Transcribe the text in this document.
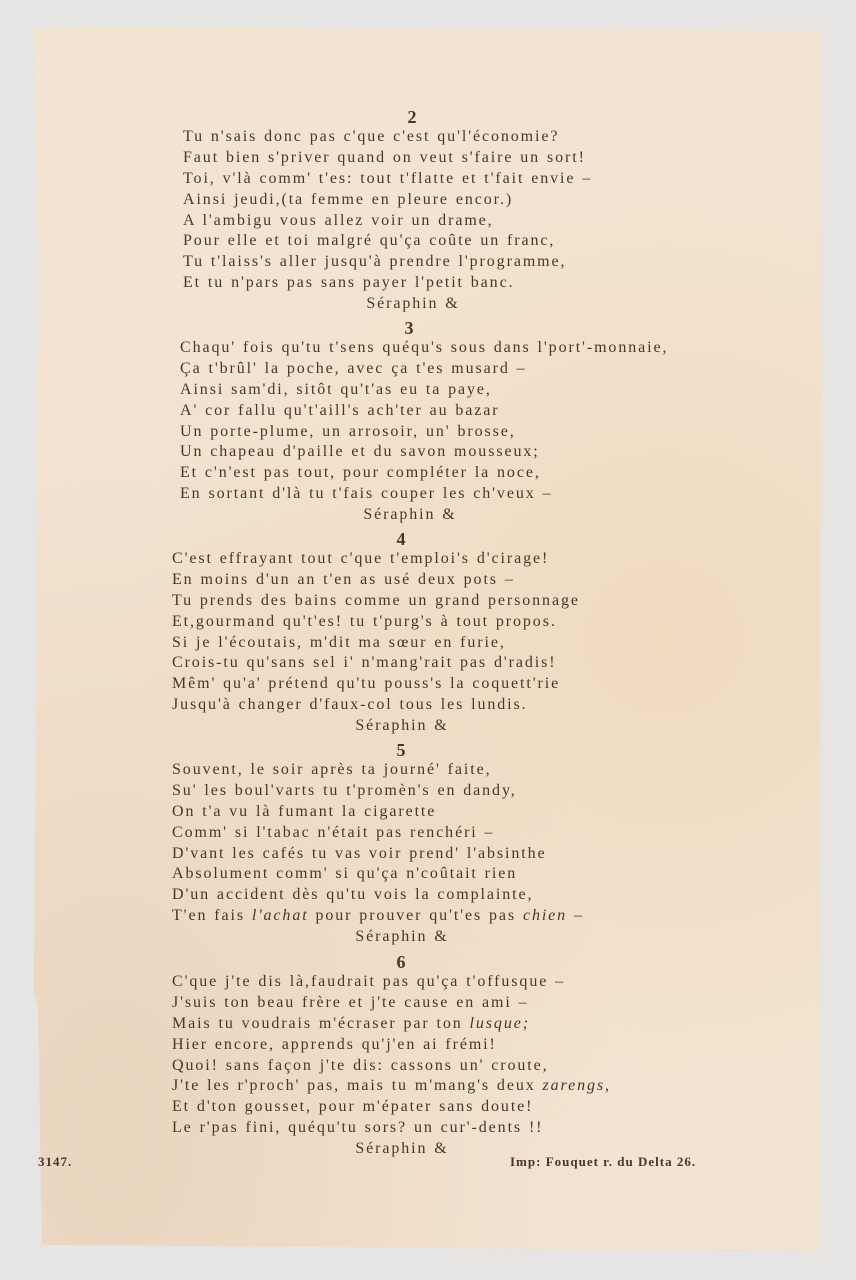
2
Tu n'sais donc pas c'que c'est qu'l'économie?
Faut bien s'priver quand on veut s'faire un sort!
Toi, v'là comm' t'es: tout t'flatte et t'fait envie –
Ainsi jeudi,(ta femme en pleure encor.)
A l'ambigu vous allez voir un drame,
Pour elle et toi malgré qu'ça coûte un franc,
Tu t'laiss's aller jusqu'à prendre l'programme,
Et tu n'pars pas sans payer l'petit banc.
Séraphin &
3
Chaqu' fois qu'tu t'sens quéqu's sous dans l'port'-monnaie,
Ça t'brûl' la poche, avec ça t'es musard –
Ainsi sam'di, sitôt qu't'as eu ta paye,
A' cor fallu qu't'aill's ach'ter au bazar
Un porte-plume, un arrosoir, un' brosse,
Un chapeau d'paille et du savon mousseux;
Et c'n'est pas tout, pour compléter la noce,
En sortant d'là tu t'fais couper les ch'veux –
Séraphin &
4
C'est effrayant tout c'que t'emploi's d'cirage!
En moins d'un an t'en as usé deux pots –
Tu prends des bains comme un grand personnage
Et,gourmand qu't'es! tu t'purg's à tout propos.
Si je l'écoutais, m'dit ma sœur en furie,
Crois-tu qu'sans sel i' n'mang'rait pas d'radis!
Mêm' qu'a' prétend qu'tu pouss's la coquett'rie
Jusqu'à changer d'faux-col tous les lundis.
Séraphin &
5
Souvent, le soir après ta journé' faite,
Su' les boul'varts tu t'promèn's en dandy,
On t'a vu là fumant la cigarette
Comm' si l'tabac n'était pas renchéri –
D'vant les cafés tu vas voir prend' l'absinthe
Absolument comm' si qu'ça n'coûtait rien
D'un accident dès qu'tu vois la complainte,
T'en fais l'achat pour prouver qu't'es pas chien –
Séraphin &
6
C'que j'te dis là,faudrait pas qu'ça t'offusque –
J'suis ton beau frère et j'te cause en ami –
Mais tu voudrais m'écraser par ton lusque;
Hier encore, apprends qu'j'en ai frémi!
Quoi! sans façon j'te dis: cassons un' croute,
J'te les r'proch' pas, mais tu m'mang's deux zarengs,
Et d'ton gousset, pour m'épater sans doute!
Le r'pas fini, quéqu'tu sors? un cur'-dents !!
Séraphin &
3147.	Imp: Fouquet r. du Delta 26.
